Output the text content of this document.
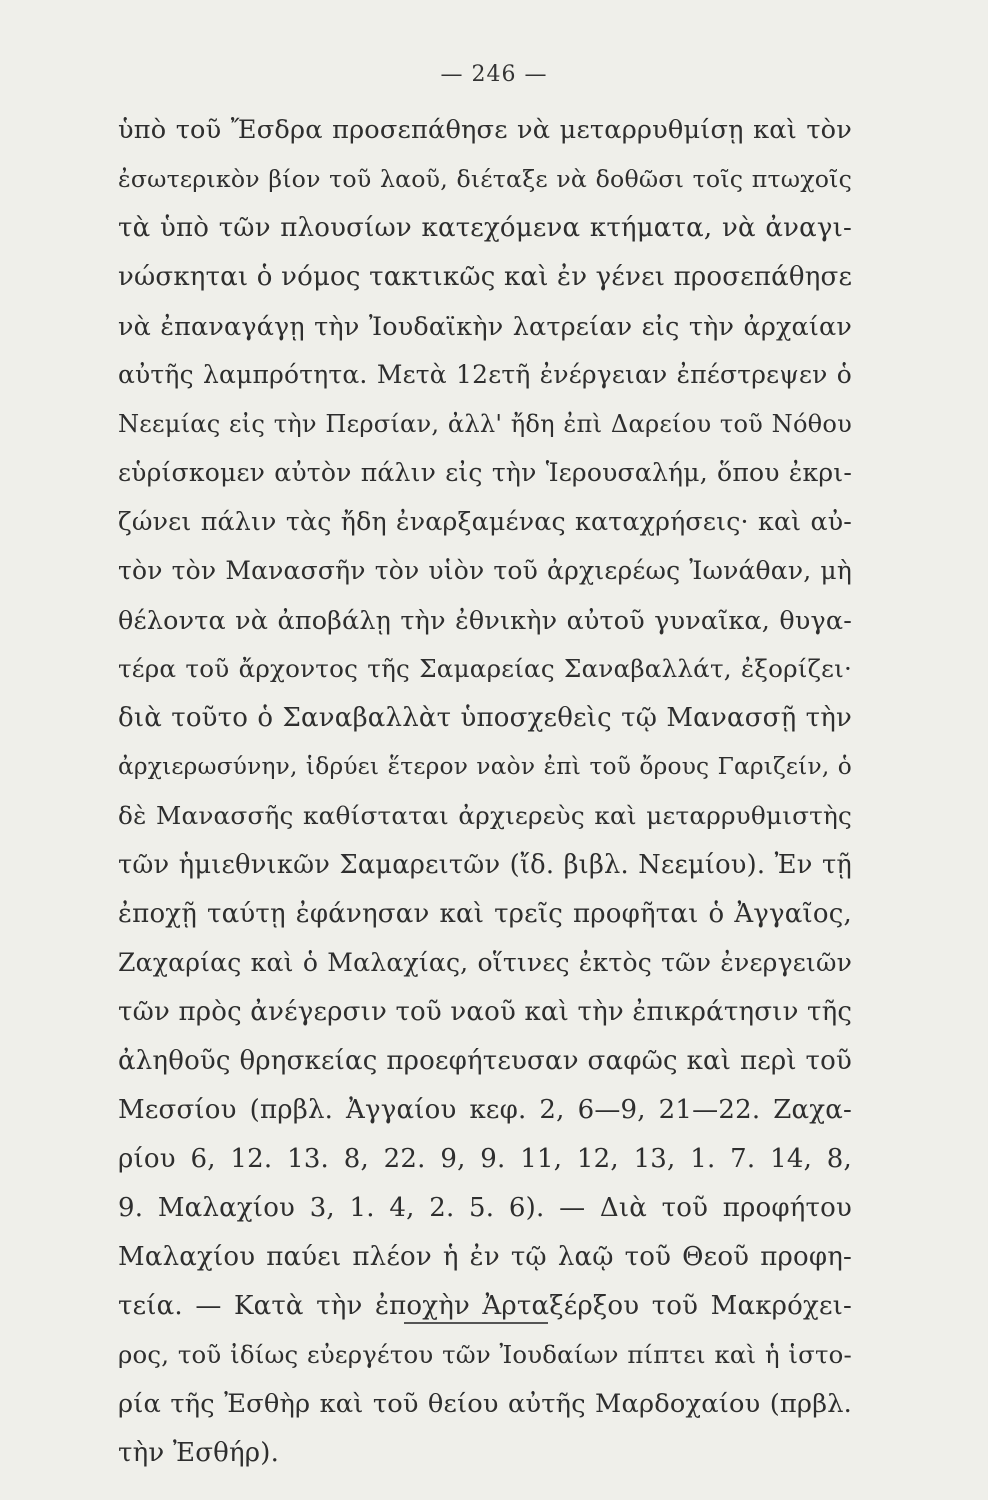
— 246 —
ὑπὸ τοῦ Ἔσδρα προσεπάθησε νὰ μεταρρυθμίσῃ καὶ τὸν
ἐσωτερικὸν βίον τοῦ λαοῦ, διέταξε νὰ δοθῶσι τοῖς πτωχοῖς
τὰ ὑπὸ τῶν πλουσίων κατεχόμενα κτήματα, νὰ ἀναγι-
νώσκηται ὁ νόμος τακτικῶς καὶ ἐν γένει προσεπάθησε
νὰ ἐπαναγάγῃ τὴν Ἰουδαϊκὴν λατρείαν εἰς τὴν ἀρχαίαν
αὐτῆς λαμπρότητα. Μετὰ 12ετῆ ἐνέργειαν ἐπέστρεψεν ὁ
Νεεμίας εἰς τὴν Περσίαν, ἀλλ' ἤδη ἐπὶ Δαρείου τοῦ Νόθου
εὑρίσκομεν αὐτὸν πάλιν εἰς τὴν Ἱερουσαλήμ, ὅπου ἐκρι-
ζώνει πάλιν τὰς ἤδη ἐναρξαμένας καταχρήσεις· καὶ αὐ-
τὸν τὸν Μανασσῆν τὸν υἱὸν τοῦ ἀρχιερέως Ἰωνάθαν, μὴ
θέλοντα νὰ ἀποβάλῃ τὴν ἐθνικὴν αὐτοῦ γυναῖκα, θυγα-
τέρα τοῦ ἄρχοντος τῆς Σαμαρείας Σαναβαλλάτ, ἐξορίζει·
διὰ τοῦτο ὁ Σαναβαλλὰτ ὑποσχεθεὶς τῷ Μανασσῇ τὴν
ἀρχιερωσύνην, ἱδρύει ἕτερον ναὸν ἐπὶ τοῦ ὄρους Γαριζείν, ὁ
δὲ Μανασσῆς καθίσταται ἀρχιερεὺς καὶ μεταρρυθμιστὴς
τῶν ἡμιεθνικῶν Σαμαρειτῶν (ἴδ. βιβλ. Νεεμίου). Ἐν τῇ
ἐποχῇ ταύτῃ ἐφάνησαν καὶ τρεῖς προφῆται ὁ Ἀγγαῖος,
Ζαχαρίας καὶ ὁ Μαλαχίας, οἵτινες ἐκτὸς τῶν ἐνεργειῶν
τῶν πρὸς ἀνέγερσιν τοῦ ναοῦ καὶ τὴν ἐπικράτησιν τῆς
ἀληθοῦς θρησκείας προεφήτευσαν σαφῶς καὶ περὶ τοῦ
Μεσσίου (πρβλ. Ἀγγαίου κεφ. 2, 6—9, 21—22. Ζαχα-
ρίου 6, 12. 13. 8, 22. 9, 9. 11, 12, 13, 1. 7. 14, 8,
9. Μαλαχίου 3, 1. 4, 2. 5. 6). — Διὰ τοῦ προφήτου
Μαλαχίου παύει πλέον ἡ ἐν τῷ λαῷ τοῦ Θεοῦ προφη-
τεία. — Κατὰ τὴν ἐποχὴν Ἀρταξέρξου τοῦ Μακρόχει-
ρος, τοῦ ἰδίως εὐεργέτου τῶν Ἰουδαίων πίπτει καὶ ἡ ἱστο-
ρία τῆς Ἐσθὴρ καὶ τοῦ θείου αὐτῆς Μαρδοχαίου (πρβλ.
τὴν Ἐσθήρ).
